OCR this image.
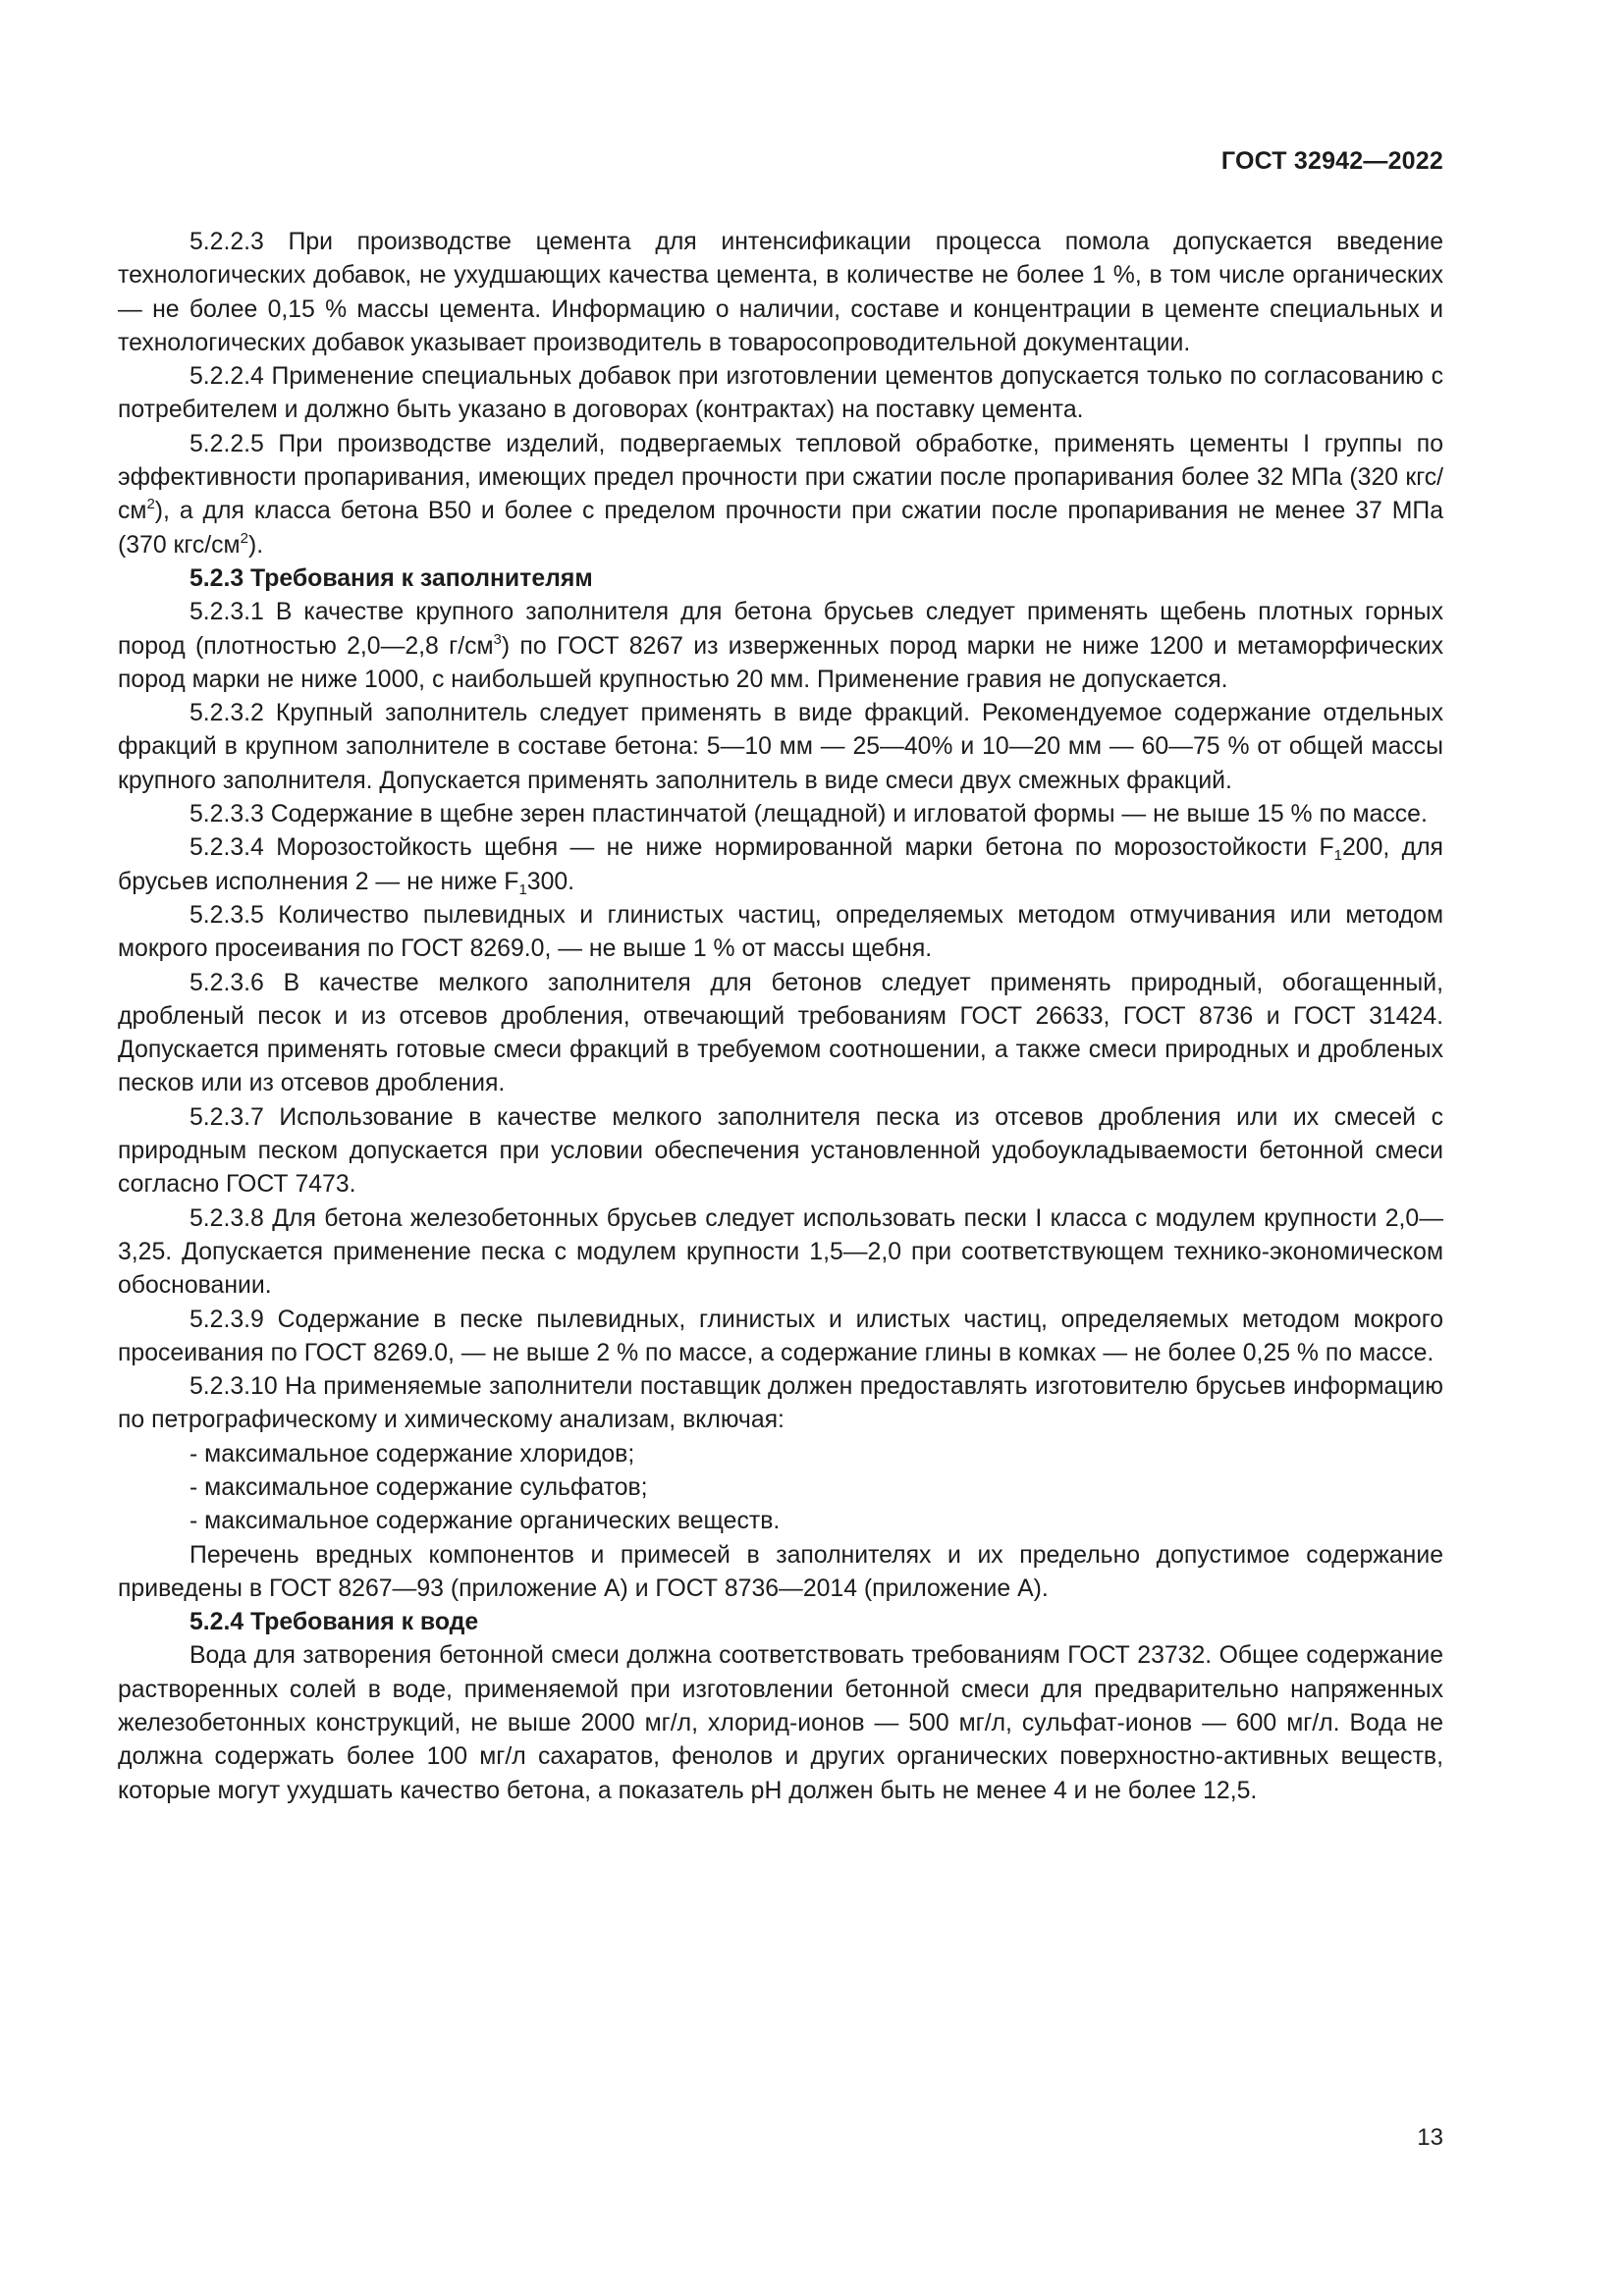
ГОСТ 32942—2022

5.2.2.3 При производстве цемента для интенсификации процесса помола допускается введение технологических добавок, не ухудшающих качества цемента, в количестве не более 1 %, в том числе органических — не более 0,15 % массы цемента. Информацию о наличии, составе и концентрации в цементе специальных и технологических добавок указывает производитель в товаросопроводительной документации.

5.2.2.4 Применение специальных добавок при изготовлении цементов допускается только по согласованию с потребителем и должно быть указано в договорах (контрактах) на поставку цемента.

5.2.2.5 При производстве изделий, подвергаемых тепловой обработке, применять цементы I группы по эффективности пропаривания, имеющих предел прочности при сжатии после пропаривания более 32 МПа (320 кгс/$см^2$), а для класса бетона В50 и более с пределом прочности при сжатии после пропаривания не менее 37 МПа (370 кгс/$см^2$).

5.2.3 Требования к заполнителям

5.2.3.1 В качестве крупного заполнителя для бетона брусьев следует применять щебень плотных горных пород (плотностью 2,0—2,8 $г/см^3$) по ГОСТ 8267 из изверженных пород марки не ниже 1200 и метаморфических пород марки не ниже 1000, с наибольшей крупностью 20 мм. Применение гравия не допускается.

5.2.3.2 Крупный заполнитель следует применять в виде фракций. Рекомендуемое содержание отдельных фракций в крупном заполнителе в составе бетона: 5—10 мм — 25—40% и 10—20 мм — 60—75 % от общей массы крупного заполнителя. Допускается применять заполнитель в виде смеси двух смежных фракций.

5.2.3.3 Содержание в щебне зерен пластинчатой (лещадной) и игловатой формы — не выше 15 % по массе.

5.2.3.4 Морозостойкость щебня — не ниже нормированной марки бетона по морозостойкости $F_1200$, для брусьев исполнения 2 — не ниже $F_1300$.

5.2.3.5 Количество пылевидных и глинистых частиц, определяемых методом отмучивания или методом мокрого просеивания по ГОСТ 8269.0, — не выше 1 % от массы щебня.

5.2.3.6 В качестве мелкого заполнителя для бетонов следует применять природный, обогащенный, дробленый песок и из отсевов дробления, отвечающий требованиям ГОСТ 26633, ГОСТ 8736 и ГОСТ 31424. Допускается применять готовые смеси фракций в требуемом соотношении, а также смеси природных и дробленых песков или из отсевов дробления.

5.2.3.7 Использование в качестве мелкого заполнителя песка из отсевов дробления или их смесей с природным песком допускается при условии обеспечения установленной удобоукладываемости бетонной смеси согласно ГОСТ 7473.

5.2.3.8 Для бетона железобетонных брусьев следует использовать пески I класса с модулем крупности 2,0—3,25. Допускается применение песка с модулем крупности 1,5—2,0 при соответствующем технико-экономическом обосновании.

5.2.3.9 Содержание в песке пылевидных, глинистых и илистых частиц, определяемых методом мокрого просеивания по ГОСТ 8269.0, — не выше 2 % по массе, а содержание глины в комках — не более 0,25 % по массе.

5.2.3.10 На применяемые заполнители поставщик должен предоставлять изготовителю брусьев информацию по петрографическому и химическому анализам, включая:

- максимальное содержание хлоридов;

- максимальное содержание сульфатов;

- максимальное содержание органических веществ.

Перечень вредных компонентов и примесей в заполнителях и их предельно допустимое содержание приведены в ГОСТ 8267—93 (приложение А) и ГОСТ 8736—2014 (приложение А).

5.2.4 Требования к воде

Вода для затворения бетонной смеси должна соответствовать требованиям ГОСТ 23732. Общее содержание растворенных солей в воде, применяемой при изготовлении бетонной смеси для предварительно напряженных железобетонных конструкций, не выше 2000 мг/л, хлорид-ионов — 500 мг/л, сульфат-ионов — 600 мг/л. Вода не должна содержать более 100 мг/л сахаратов, фенолов и других органических поверхностно-активных веществ, которые могут ухудшать качество бетона, а показатель pH должен быть не менее 4 и не более 12,5.

13
